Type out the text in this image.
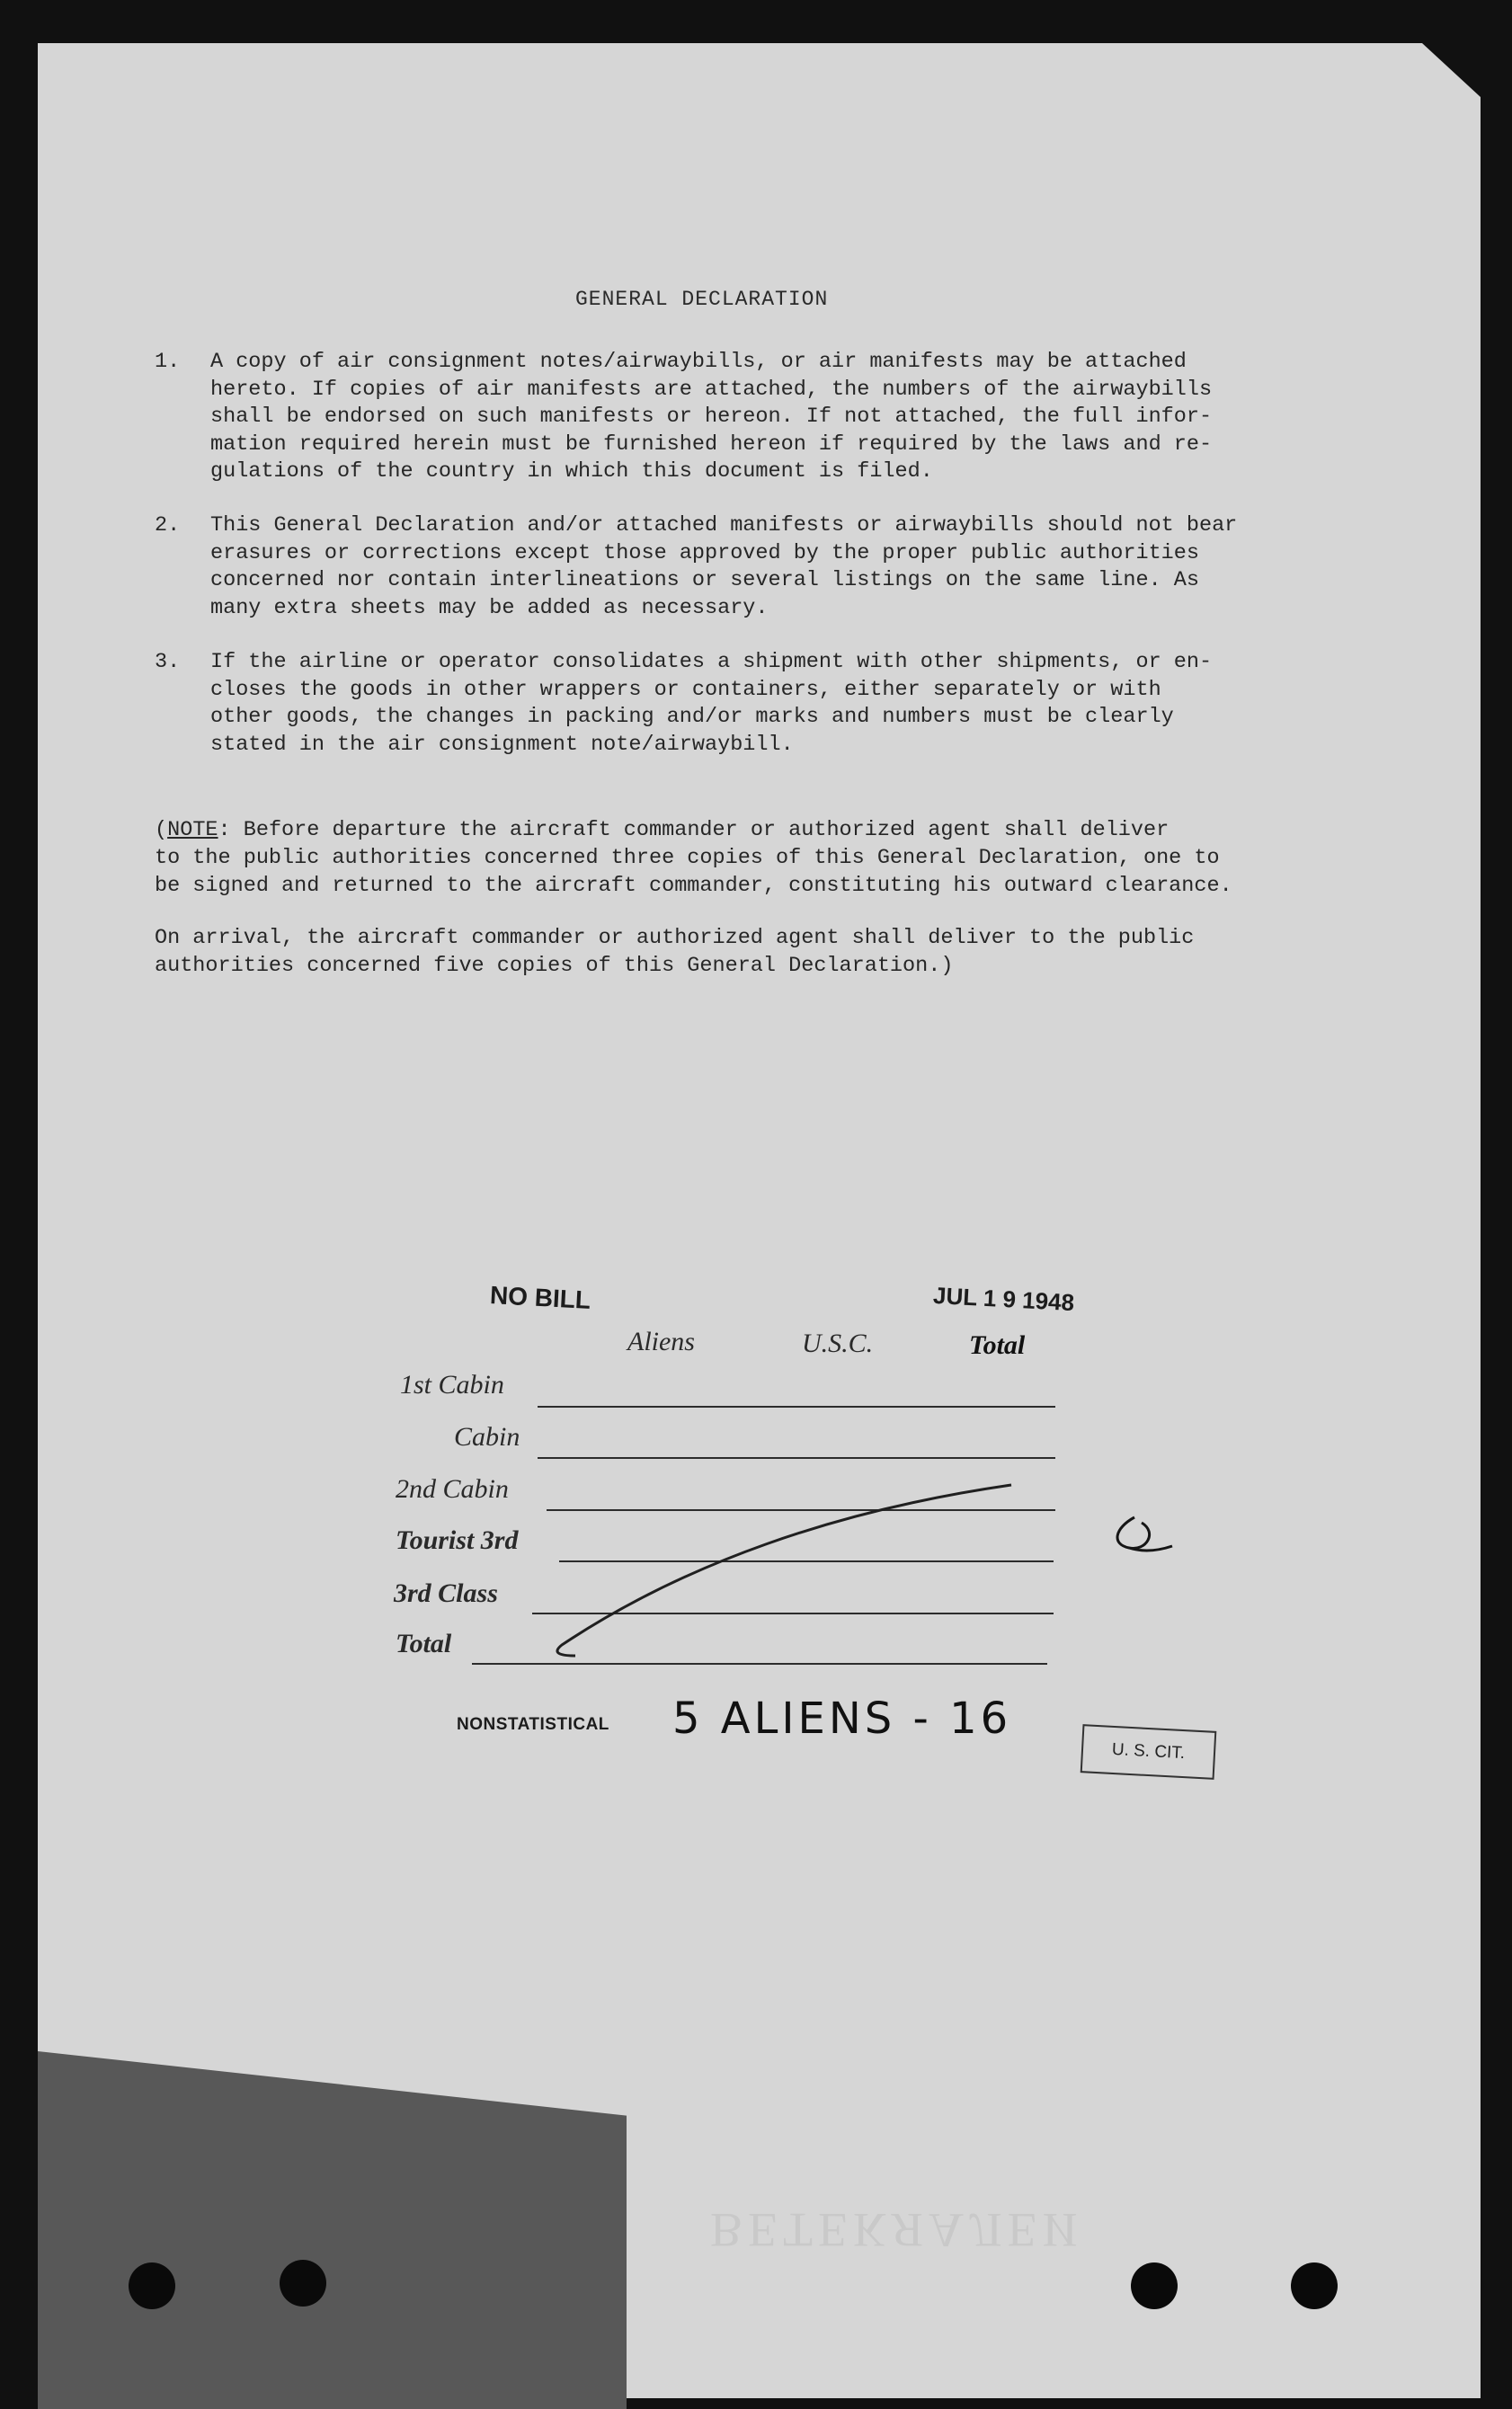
GENERAL DECLARATION
1. A copy of air consignment notes/airwaybills, or air manifests may be attached
hereto. If copies of air manifests are attached, the numbers of the airwaybills
shall be endorsed on such manifests or hereon. If not attached, the full infor-
mation required herein must be furnished hereon if required by the laws and re-
gulations of the country in which this document is filed.
2. This General Declaration and/or attached manifests or airwaybills should not bear
erasures or corrections except those approved by the proper public authorities
concerned nor contain interlineations or several listings on the same line. As
many extra sheets may be added as necessary.
3. If the airline or operator consolidates a shipment with other shipments, or en-
closes the goods in other wrappers or containers, either separately or with
other goods, the changes in packing and/or marks and numbers must be clearly
stated in the air consignment note/airwaybill.
(NOTE: Before departure the aircraft commander or authorized agent shall deliver
to the public authorities concerned three copies of this General Declaration, one to
be signed and returned to the aircraft commander, constituting his outward clearance.
On arrival, the aircraft commander or authorized agent shall deliver to the public
authorities concerned five copies of this General Declaration.)
NO BILL	JUL 1 9 1948
Aliens	U.S.C.	Total
1st Cabin
Cabin
2nd Cabin
Tourist 3rd
3rd Class
Total
NONSTATISTICAL 5 ALIENS - 16
U. S. CIT.
ВЕТЕКЯАЛЕИ
